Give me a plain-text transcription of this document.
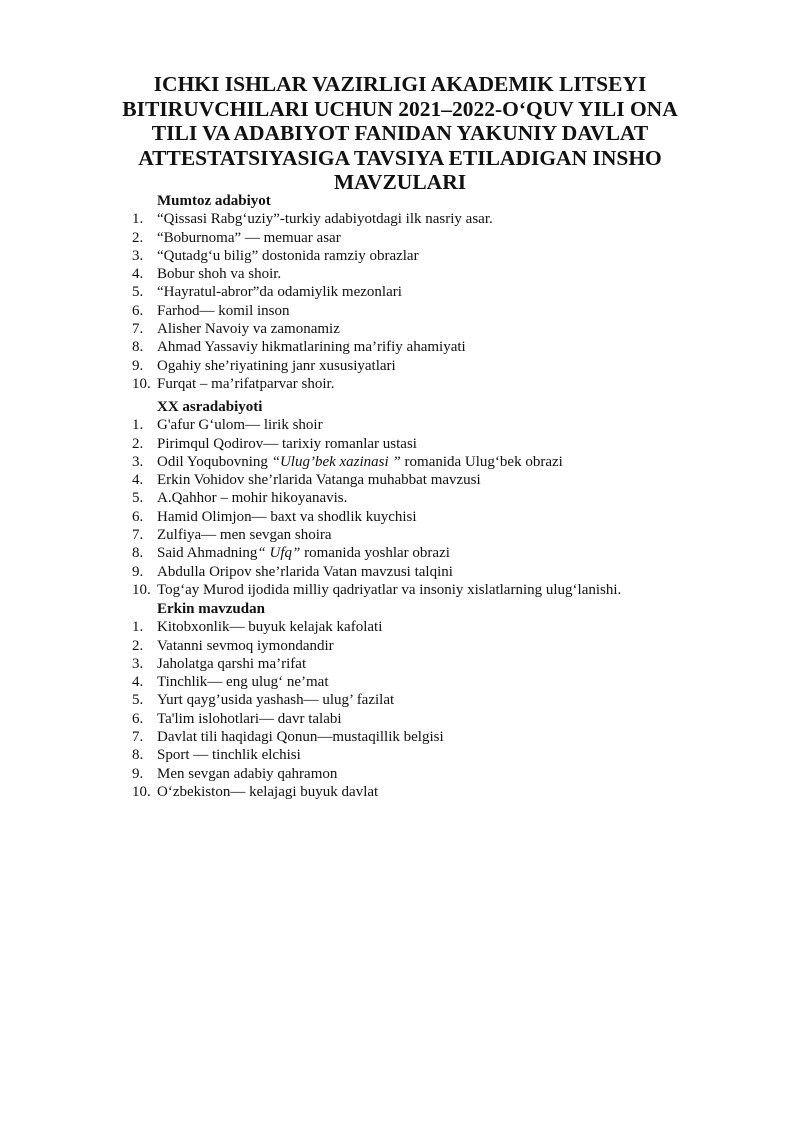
ICHKI ISHLAR VAZIRLIGI AKADEMIK LITSEYI BITIRUVCHILARI UCHUN 2021–2022-O‘QUV YILI ONA TILI VA ADABIYOT FANIDAN YAKUNIY DAVLAT ATTESTATSIYASIGA TAVSIYA ETILADIGAN INSHO MAVZULARI
Mumtoz adabiyot
1. “Qissasi Rabg‘uziy”-turkiy adabiyotdagi ilk nasriy asar.
2. “Boburnoma” — memuar asar
3. “Qutadg‘u bilig” dostonida ramziy obrazlar
4. Bobur shoh va shoir.
5. “Hayratul-abror”da odamiylik mezonlari
6. Farhod— komil inson
7. Alisher Navoiy va zamonamiz
8. Ahmad Yassaviy hikmatlarining ma’rifiy ahamiyati
9. Ogahiy she’riyatining janr xususiyatlari
10. Furqat – ma’rifatparvar shoir.
XX asradabiyoti
1. G'afur G‘ulom— lirik shoir
2. Pirimqul Qodirov— tarixiy romanlar ustasi
3. Odil Yoqubovning “Ulug’bek xazinasi ” romanida Ulug‘bek obrazi
4. Erkin Vohidov she’rlarida Vatanga muhabbat mavzusi
5. A.Qahhor – mohir hikoyanavis.
6. Hamid Olimjon— baxt va shodlik kuychisi
7. Zulfiya— men sevgan shoira
8. Said Ahmadning“ Ufq” romanida yoshlar obrazi
9. Abdulla Oripov she’rlarida Vatan mavzusi talqini
10. Tog‘ay Murod ijodida milliy qadriyatlar va insoniy xislatlarning ulug‘lanishi.
Erkin mavzudan
1. Kitobxonlik— buyuk kelajak kafolati
2. Vatanni sevmoq iymondandir
3. Jaholatga qarshi ma’rifat
4. Tinchlik— eng ulug‘ ne’mat
5. Yurt qayg’usida yashash— ulug’ fazilat
6. Ta'lim islohotlari— davr talabi
7. Davlat tili haqidagi Qonun—mustaqillik belgisi
8. Sport — tinchlik elchisi
9. Men sevgan adabiy qahramon
10. O‘zbekiston— kelajagi buyuk davlat
